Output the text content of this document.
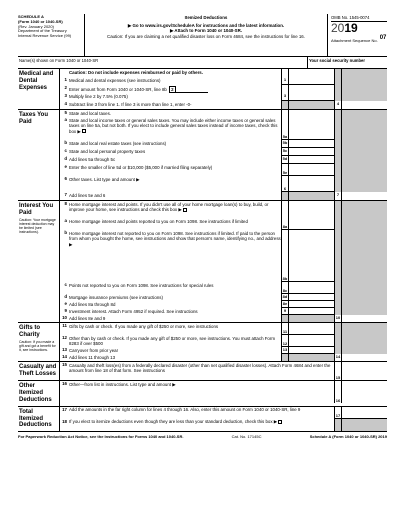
SCHEDULE A
(Form 1040 or 1040-SR)
(Rev. January 2020)
Department of the Treasury
Internal Revenue Service (99)
Itemized Deductions
▶ Go to www.irs.gov/ScheduleA for instructions and the latest information.
▶ Attach to Form 1040 or 1040-SR.
Caution: If you are claiming a net qualified disaster loss on Form 4684, see the instructions for line 16.
OMB No. 1545-0074
2019
Attachment Sequence No. 07
Name(s) shown on Form 1040 or 1040-SR	Your social security number
Medical and Dental Expenses
Caution: Do not include expenses reimbursed or paid by others.
1 Medical and dental expenses (see instructions)	1
2 Enter amount from Form 1040 or 1040-SR, line 8b 2
3 Multiply line 2 by 7.5% (0.075)	3
4 Subtract line 3 from line 1. If line 3 is more than line 1, enter -0-	4
Taxes You Paid
5 State and local taxes.
a State and local income taxes or general sales taxes. You may include either income taxes or general sales taxes on line 5a, but not both. If you elect to include general sales taxes instead of income taxes, check this box ▶
5a
b State and local real estate taxes (see instructions)	5b
c State and local personal property taxes	5c
d Add lines 5a through 5c	5d
e Enter the smaller of line 5d or $10,000 ($5,000 if married filing separately)
5e
6 Other taxes. List type and amount ▶
6
7 Add lines 5e and 6	7
Interest You Paid
Caution: Your mortgage interest deduction may be limited (see instructions).
8 Home mortgage interest and points. If you didn't use all of your home mortgage loan(s) to buy, build, or improve your home, see instructions and check this box ▶
a Home mortgage interest and points reported to you on Form 1098. See instructions if limited
8a
b Home mortgage interest not reported to you on Form 1098. See instructions if limited. If paid to the person from whom you bought the home, see instructions and show that person's name, identifying no., and address ▶
8b
c Points not reported to you on Form 1098. See instructions for special rules
8c
d Mortgage insurance premiums (see instructions)	8d
e Add lines 8a through 8d	8e
9 Investment interest. Attach Form 4952 if required. See instructions	9
10 Add lines 8e and 9	10
Gifts to Charity
Caution: If you made a gift and got a benefit for it, see instructions.
11 Gifts by cash or check. If you made any gift of $250 or more, see instructions
11
12 Other than by cash or check. If you made any gift of $250 or more, see instructions. You must attach Form 8283 if over $500	12
13 Carryover from prior year	13
14 Add lines 11 through 13	14
Casualty and Theft Losses
15 Casualty and theft loss(es) from a federally declared disaster (other than net qualified disaster losses). Attach Form 4684 and enter the amount from line 18 of that form. See instructions
15
Other Itemized Deductions
16 Other—from list in instructions. List type and amount ▶
16
Total Itemized Deductions
17 Add the amounts in the far right column for lines 4 through 16. Also, enter this amount on Form 1040 or 1040-SR, line 9
17
18 If you elect to itemize deductions even though they are less than your standard deduction, check this box ▶
For Paperwork Reduction Act Notice, see the Instructions for Forms 1040 and 1040-SR.	Cat. No. 17145C	Schedule A (Form 1040 or 1040-SR) 2019
